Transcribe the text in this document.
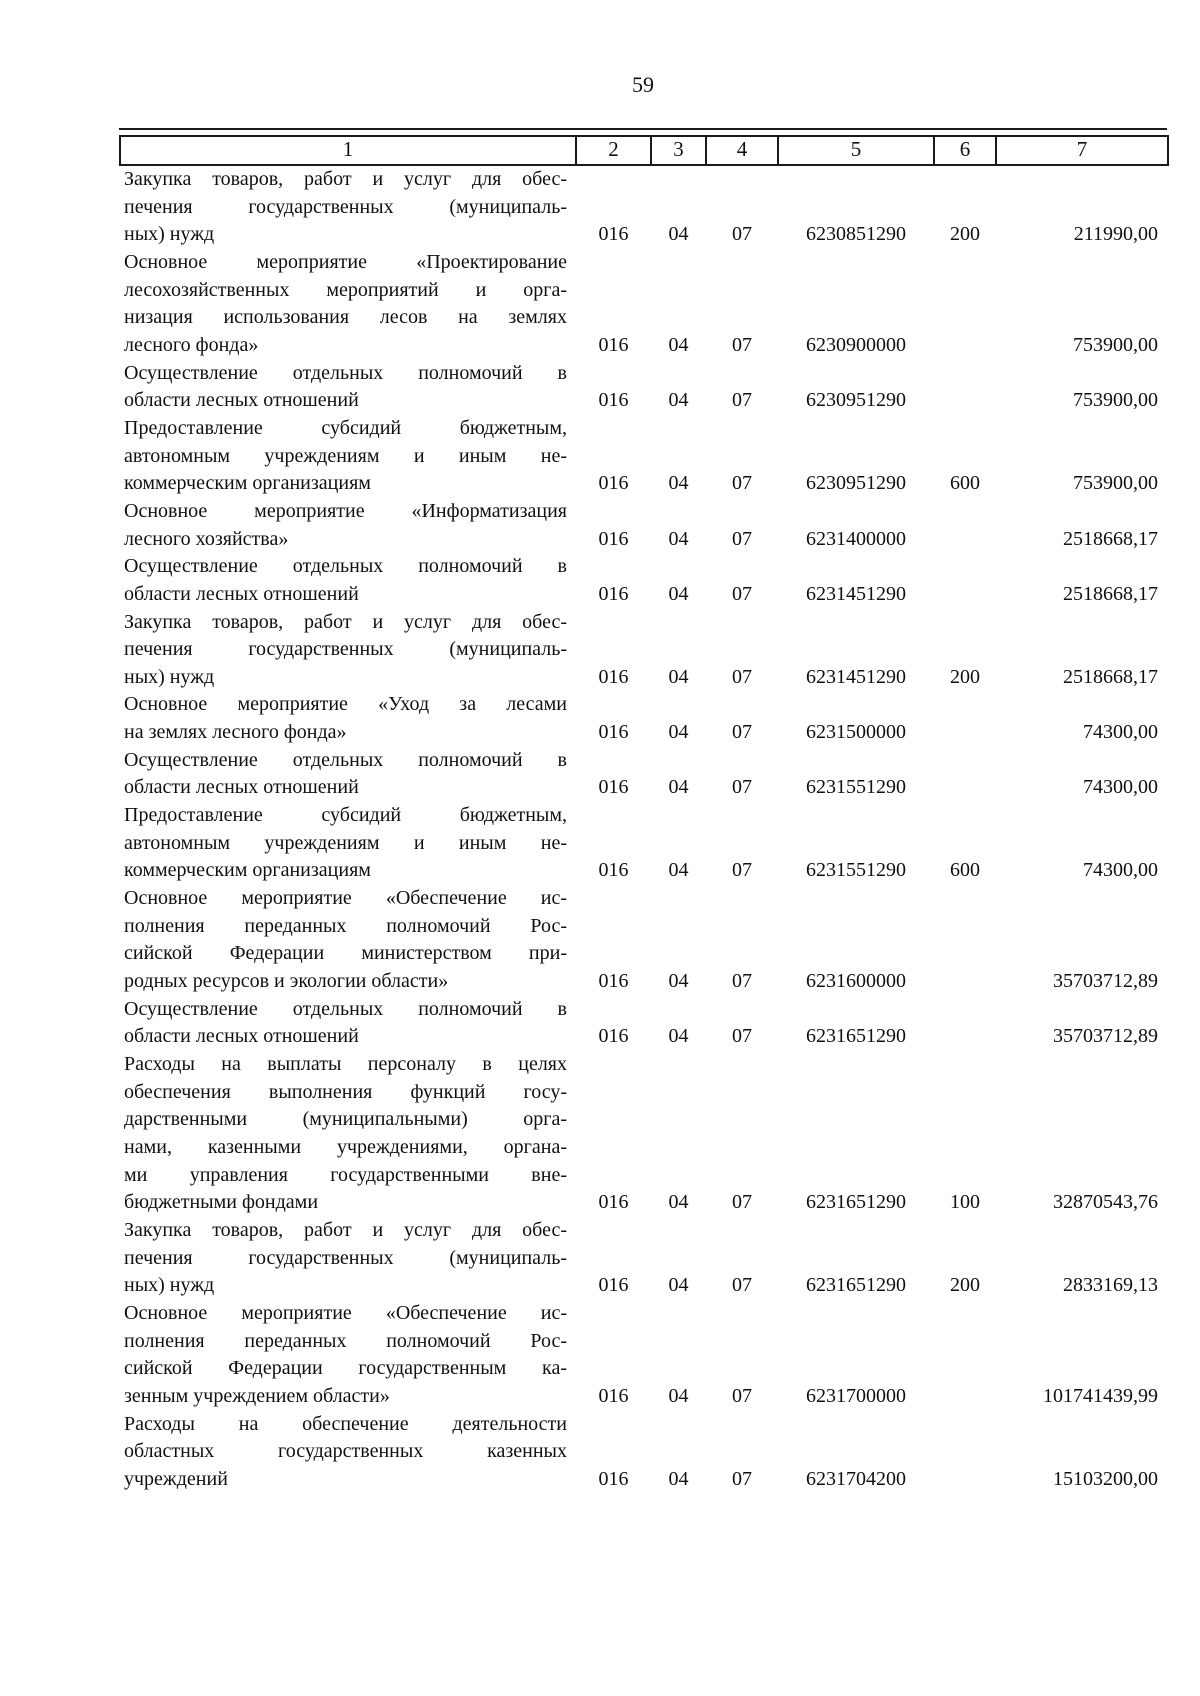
59
1	2	3	4	5	6	7

Закупка товаров, работ и услуг для обес-
печения государственных (муниципаль-
ных) нужд	016	04	07	6230851290	200	211990,00

Основное мероприятие «Проектирование
лесохозяйственных мероприятий и орга-
низация использования лесов на землях
лесного фонда»	016	04	07	6230900000		753900,00

Осуществление отдельных полномочий в
области лесных отношений	016	04	07	6230951290		753900,00

Предоставление субсидий бюджетным,
автономным учреждениям и иным не-
коммерческим организациям	016	04	07	6230951290	600	753900,00

Основное мероприятие «Информатизация
лесного хозяйства»	016	04	07	6231400000		2518668,17

Осуществление отдельных полномочий в
области лесных отношений	016	04	07	6231451290		2518668,17

Закупка товаров, работ и услуг для обес-
печения государственных (муниципаль-
ных) нужд	016	04	07	6231451290	200	2518668,17

Основное мероприятие «Уход за лесами
на землях лесного фонда»	016	04	07	6231500000		74300,00

Осуществление отдельных полномочий в
области лесных отношений	016	04	07	6231551290		74300,00

Предоставление субсидий бюджетным,
автономным учреждениям и иным не-
коммерческим организациям	016	04	07	6231551290	600	74300,00

Основное мероприятие «Обеспечение ис-
полнения переданных полномочий Рос-
сийской Федерации министерством при-
родных ресурсов и экологии области»	016	04	07	6231600000		35703712,89

Осуществление отдельных полномочий в
области лесных отношений	016	04	07	6231651290		35703712,89

Расходы на выплаты персоналу в целях
обеспечения выполнения функций госу-
дарственными (муниципальными) орга-
нами, казенными учреждениями, органа-
ми управления государственными вне-
бюджетными фондами	016	04	07	6231651290	100	32870543,76

Закупка товаров, работ и услуг для обес-
печения государственных (муниципаль-
ных) нужд	016	04	07	6231651290	200	2833169,13

Основное мероприятие «Обеспечение ис-
полнения переданных полномочий Рос-
сийской Федерации государственным ка-
зенным учреждением области»	016	04	07	6231700000		101741439,99

Расходы на обеспечение деятельности
областных государственных казенных
учреждений	016	04	07	6231704200		15103200,00
